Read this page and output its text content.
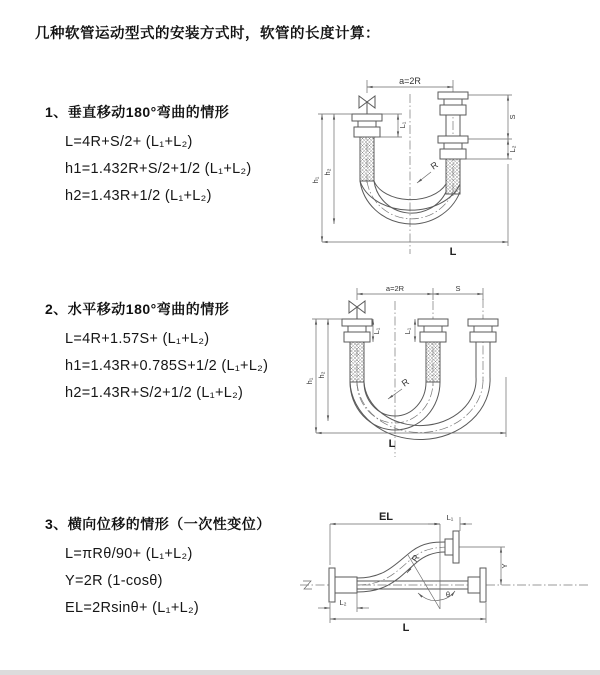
几种软管运动型式的安装方式时，软管的长度计算：
1、垂直移动180°弯曲的情形
L=4R+S/2+ (L₁+L₂)
h1=1.432R+S/2+1/2 (L₁+L₂)
h2=1.43R+1/2 (L₁+L₂)
2、水平移动180°弯曲的情形
L=4R+1.57S+ (L₁+L₂)
h1=1.43R+0.785S+1/2 (L₁+L₂)
h2=1.43R+S/2+1/2 (L₁+L₂)
3、横向位移的情形（一次性变位）
L=πRθ/90+ (L₁+L₂)
Y=2R (1-cosθ)
EL=2Rsinθ+ (L₁+L₂)
a=2R
h₁
h₂
L₁
S
L₂
R
L
a=2R	S
h₁
h₂
L₁	L₁
R
L
EL	L₁
Y
θ
R
L₂
L
